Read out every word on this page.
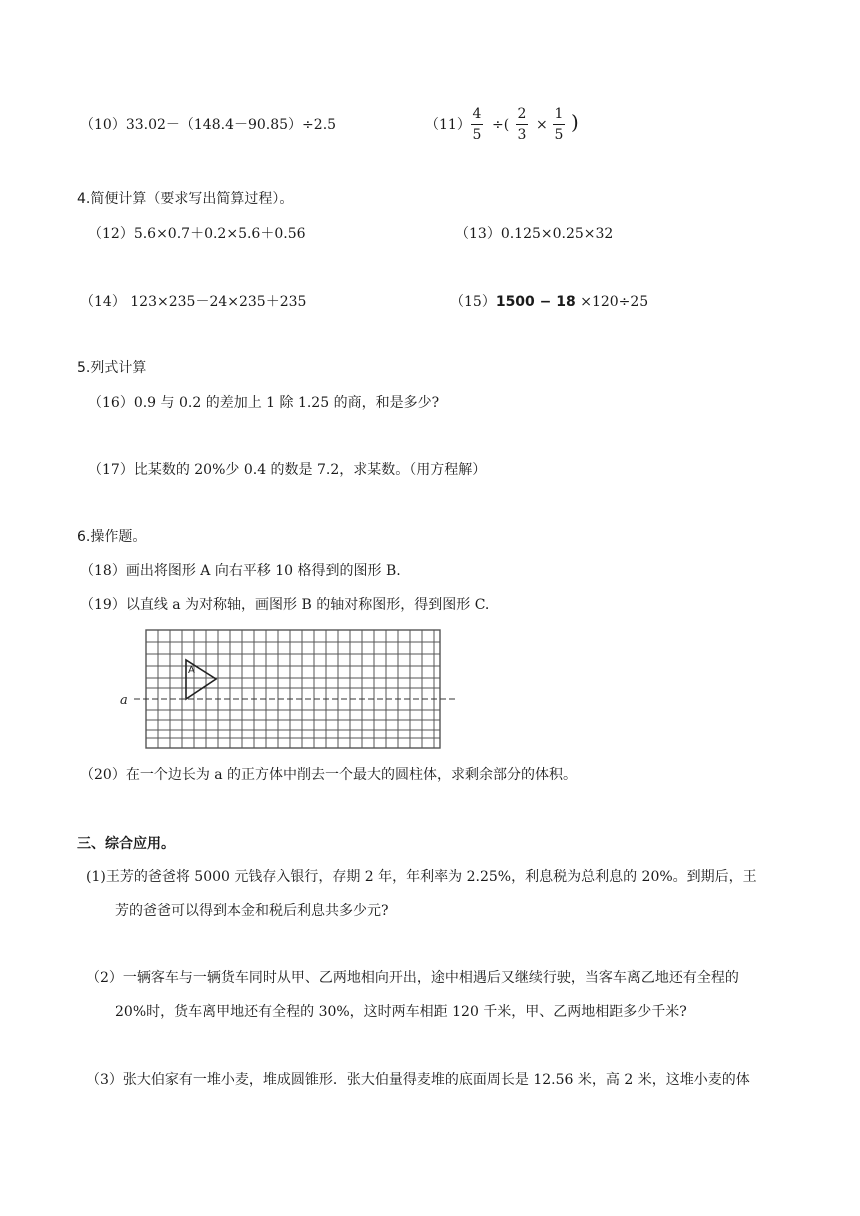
（10）33.02－（148.4－90.85）÷2.5	（11）
4
5
÷(
2
3
×
1
5
)
4.简便计算（要求写出简算过程）。
（12）5.6×0.7＋0.2×5.6＋0.56	（13）0.125×0.25×32
（14） 123×235－24×235＋235	（15）1500 − 18 ×120÷25
5.列式计算
（16）0.9 与 0.2 的差加上 1 除 1.25 的商，和是多少?
（17）比某数的 20%少 0.4 的数是 7.2，求某数。（用方程解）
6.操作题。
（18）画出将图形 A 向右平移 10 格得到的图形 B.
（19）以直线 a 为对称轴，画图形 B 的轴对称图形，得到图形 C.
a
A
（20）在一个边长为 a 的正方体中削去一个最大的圆柱体，求剩余部分的体积。
三、综合应用。
(1)王芳的爸爸将 5000 元钱存入银行，存期 2 年，年利率为 2.25%，利息税为总利息的 20%。到期后，王
芳的爸爸可以得到本金和税后利息共多少元?
（2）一辆客车与一辆货车同时从甲、乙两地相向开出，途中相遇后又继续行驶，当客车离乙地还有全程的
20%时，货车离甲地还有全程的 30%，这时两车相距 120 千米，甲、乙两地相距多少千米?
（3）张大伯家有一堆小麦，堆成圆锥形．张大伯量得麦堆的底面周长是 12.56 米，高 2 米，这堆小麦的体
